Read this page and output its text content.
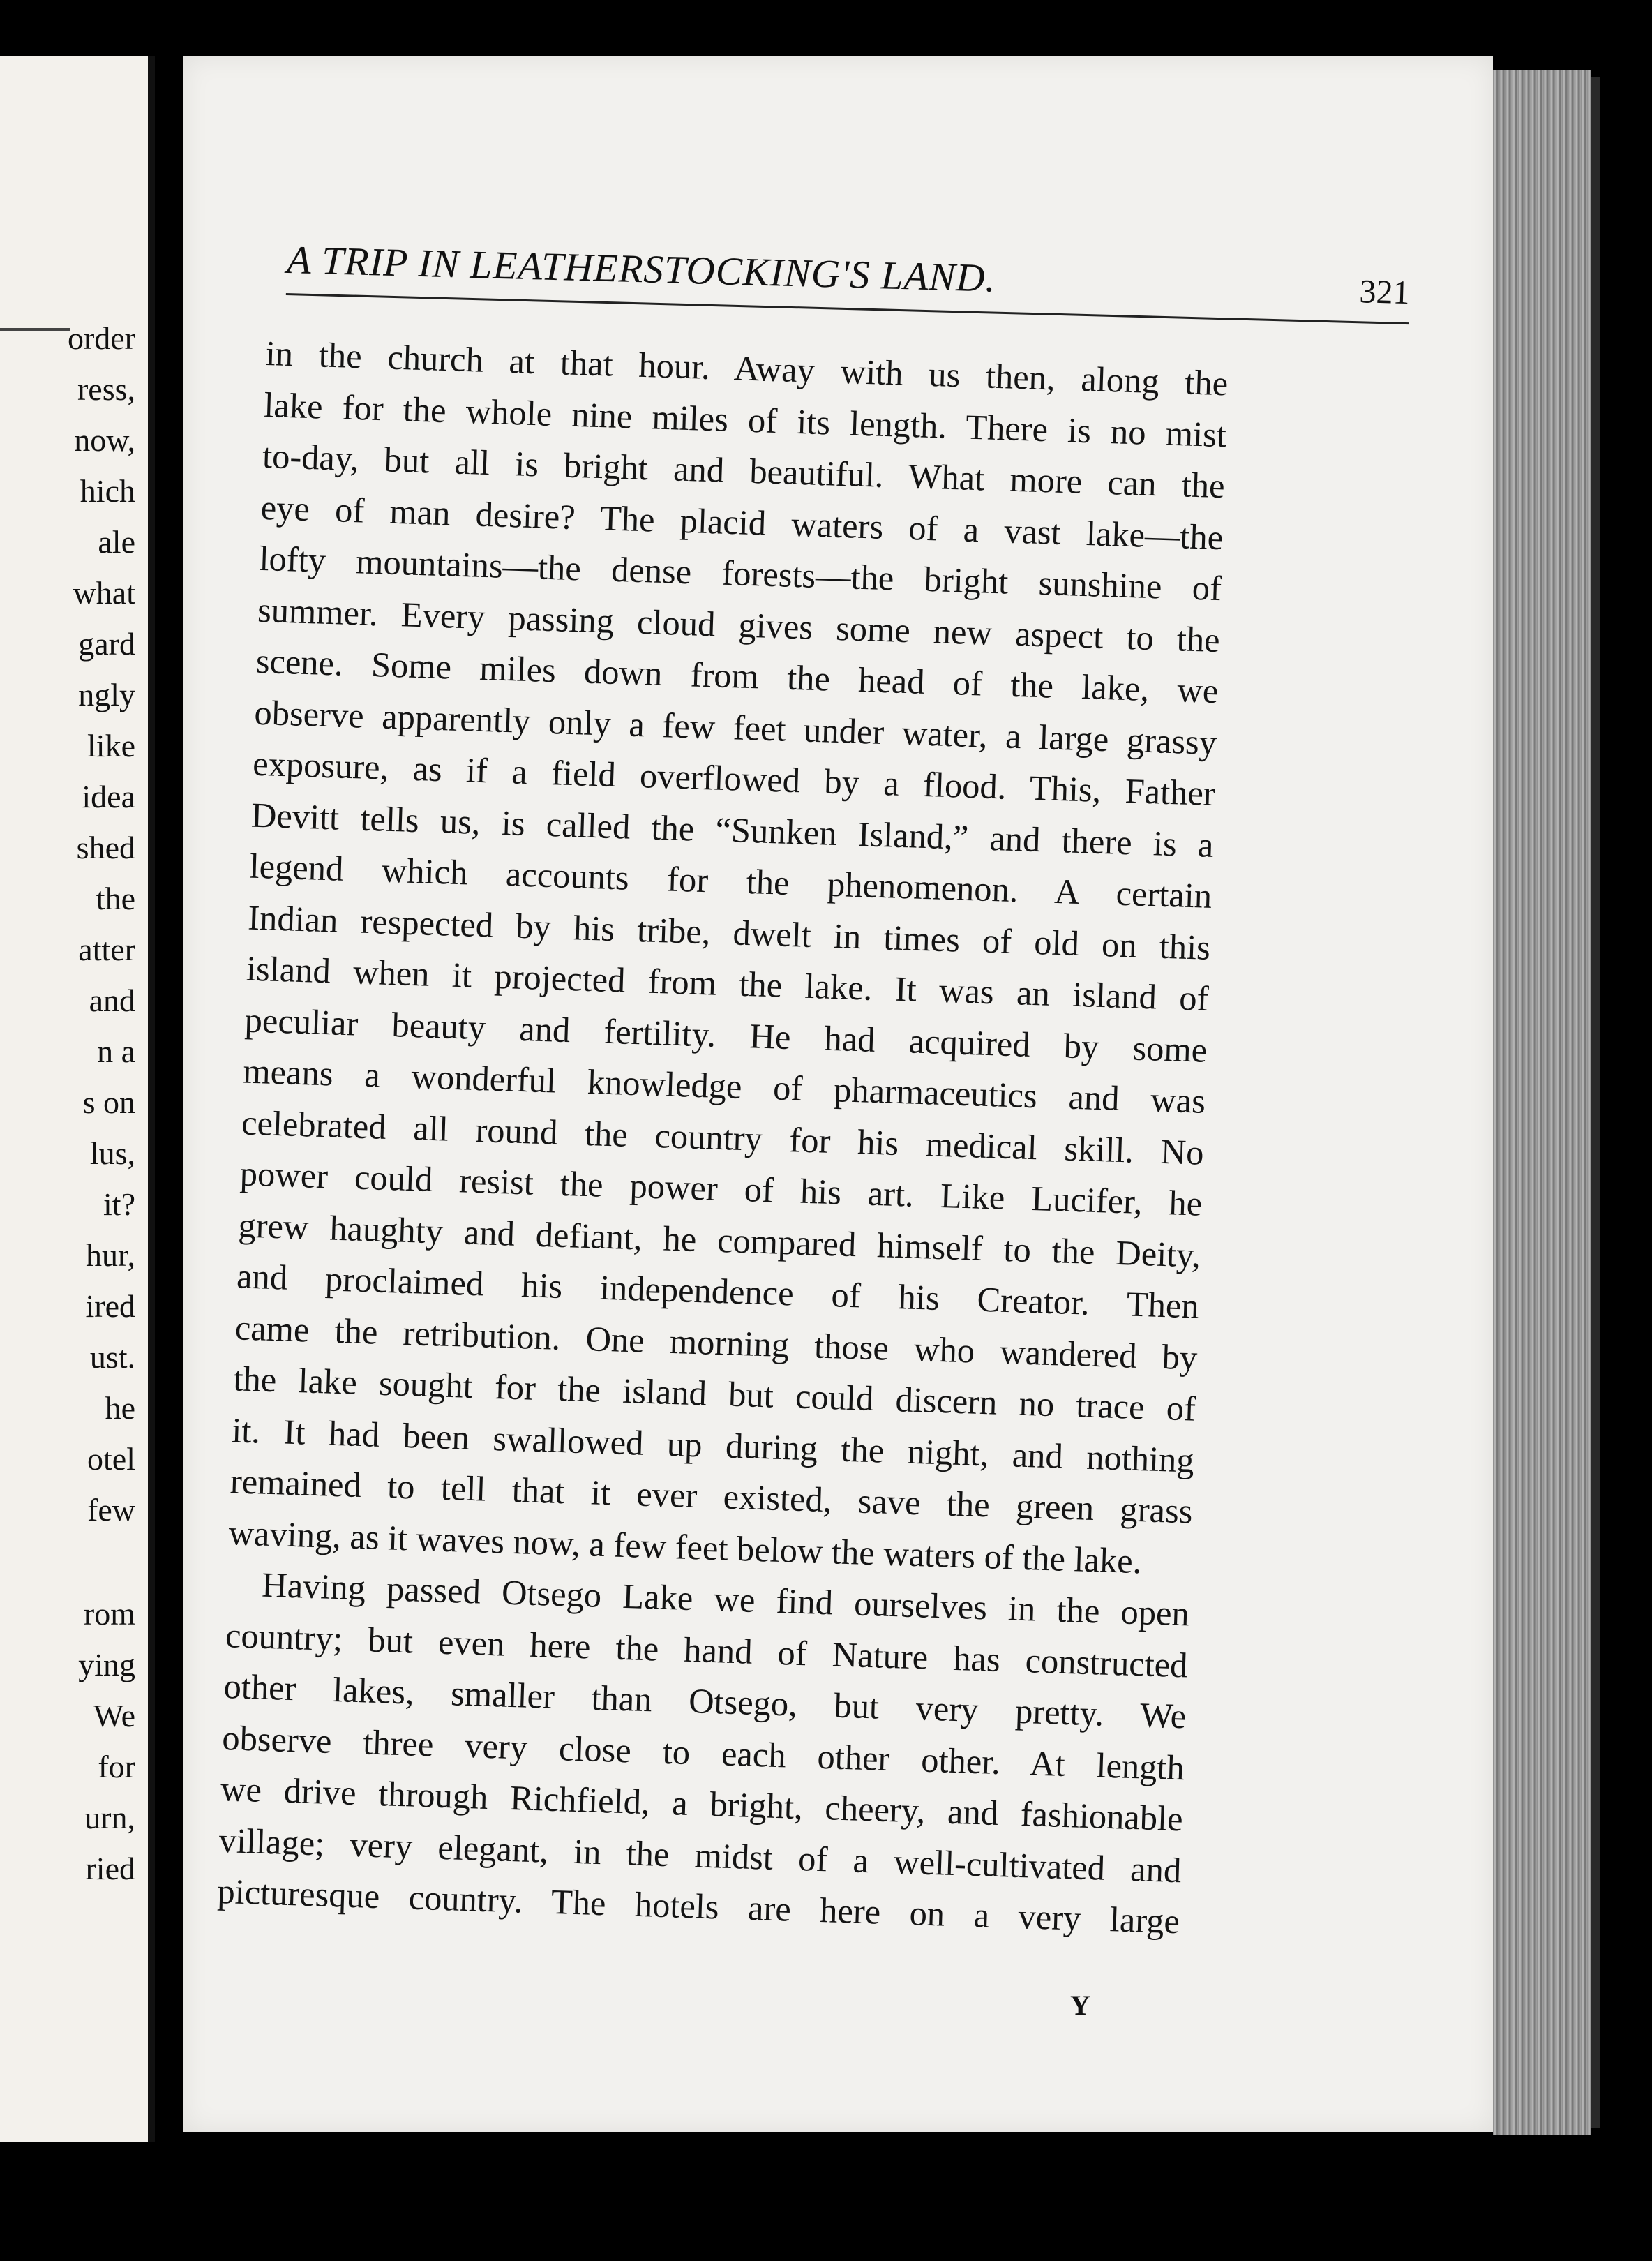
order

ress,

now,

hich

ale

what

gard

ngly

like

idea

shed

the

atter

and

n a

s on

lus,

it?

hur,

ired

ust.

he

otel

few

rom

ying

We

for

urn,

ried

A TRIP IN LEATHERSTOCKING'S LAND.	321

in the church at that hour. Away with us then, along the

lake for the whole nine miles of its length. There is no mist

to-day, but all is bright and beautiful. What more can the

eye of man desire? The placid waters of a vast lake—the

lofty mountains—the dense forests—the bright sunshine of

summer. Every passing cloud gives some new aspect to the

scene. Some miles down from the head of the lake, we

observe apparently only a few feet under water, a large grassy

exposure, as if a field overflowed by a flood. This, Father

Devitt tells us, is called the “Sunken Island,” and there is a

legend which accounts for the phenomenon. A certain

Indian respected by his tribe, dwelt in times of old on this

island when it projected from the lake. It was an island of

peculiar beauty and fertility. He had acquired by some

means a wonderful knowledge of pharmaceutics and was

celebrated all round the country for his medical skill. No

power could resist the power of his art. Like Lucifer, he

grew haughty and defiant, he compared himself to the Deity,

and proclaimed his independence of his Creator. Then

came the retribution. One morning those who wandered by

the lake sought for the island but could discern no trace of

it. It had been swallowed up during the night, and nothing

remained to tell that it ever existed, save the green grass

waving, as it waves now, a few feet below the waters of the lake.

Having passed Otsego Lake we find ourselves in the open

country; but even here the hand of Nature has constructed

other lakes, smaller than Otsego, but very pretty. We

observe three very close to each other other. At length

we drive through Richfield, a bright, cheery, and fashionable

village; very elegant, in the midst of a well-cultivated and

picturesque country. The hotels are here on a very large

Y
